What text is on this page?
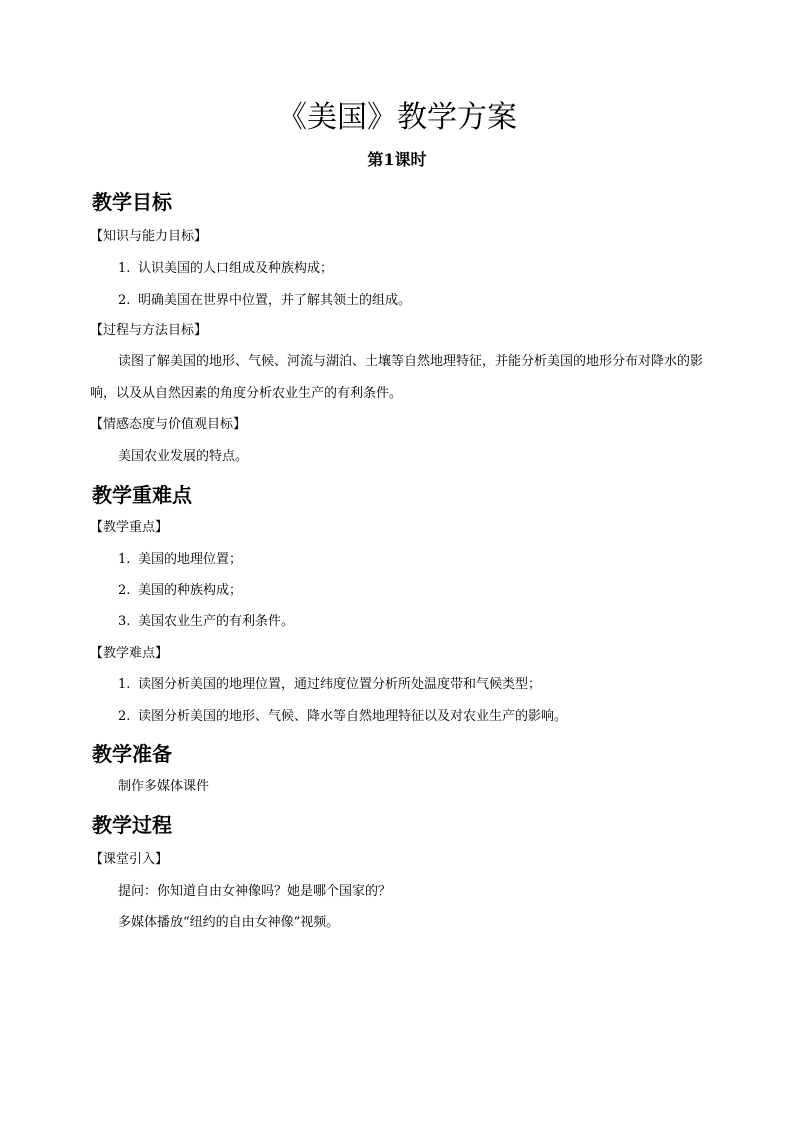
《美国》教学方案
第1课时
教学目标
【知识与能力目标】
1. 认识美国的人口组成及种族构成；
2. 明确美国在世界中位置，并了解其领土的组成。
【过程与方法目标】

读图了解美国的地形、气候、河流与湖泊、土壤等自然地理特征，并能分析美国的地形分布对降水的影响，以及从自然因素的角度分析农业生产的有利条件。

【情感态度与价值观目标】
美国农业发展的特点。
教学重难点
【教学重点】
1. 美国的地理位置；
2. 美国的种族构成；
3. 美国农业生产的有利条件。
【教学难点】
1. 读图分析美国的地理位置，通过纬度位置分析所处温度带和气候类型；
2. 读图分析美国的地形、气候、降水等自然地理特征以及对农业生产的影响。
教学准备
制作多媒体课件
教学过程
【课堂引入】
提问：你知道自由女神像吗？她是哪个国家的？
多媒体播放“纽约的自由女神像”视频。
